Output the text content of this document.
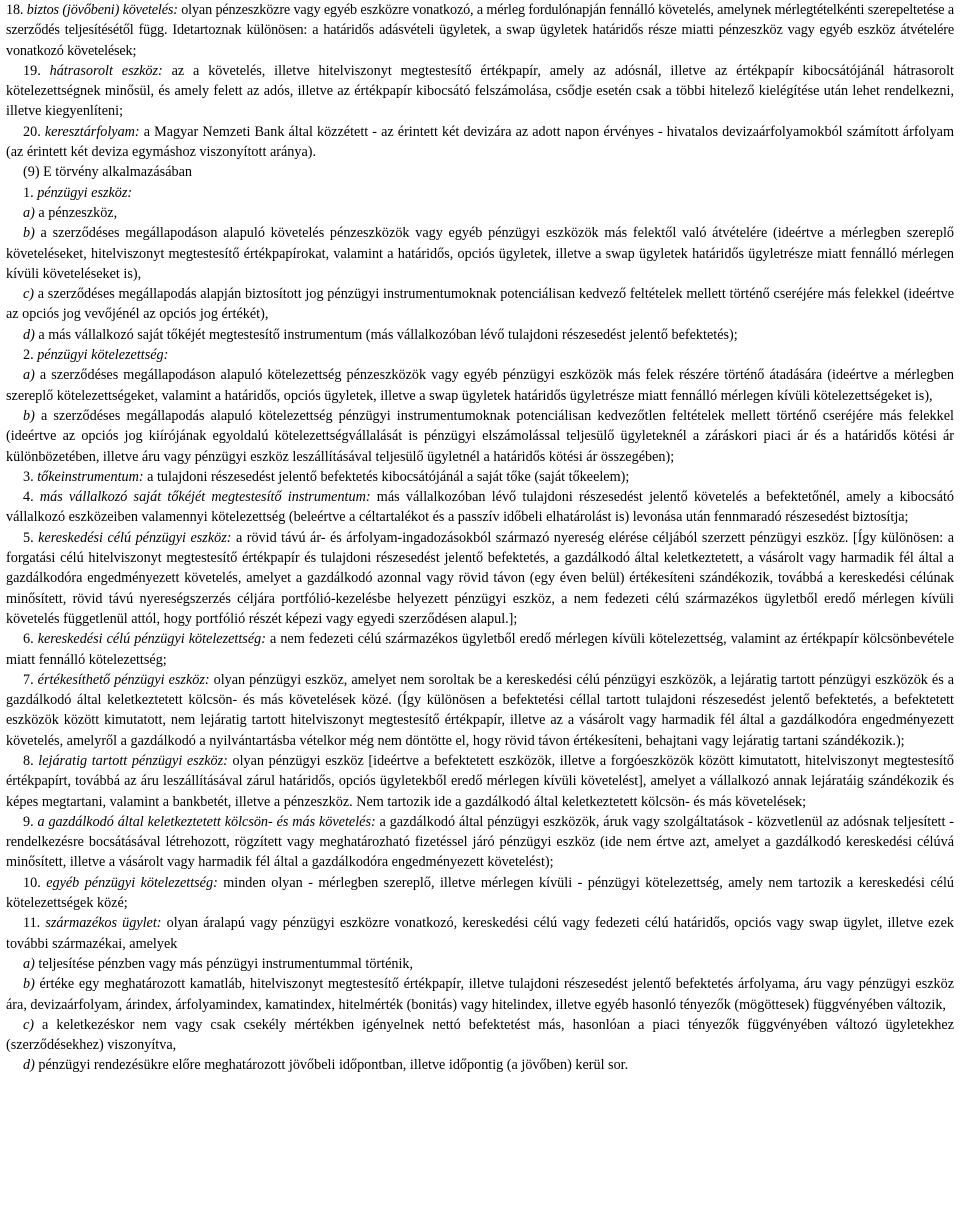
18. biztos (jövőbeni) követelés: olyan pénzeszközre vagy egyéb eszközre vonatkozó, a mérleg fordulónapján fennálló követelés, amelynek mérlegtételkénti szerepeltetése a szerződés teljesítésétől függ. Idetartoznak különösen: a határidős adásvételi ügyletek, a swap ügyletek határidős része miatti pénzeszköz vagy egyéb eszköz átvételére vonatkozó követelések;

19. hátrasorolt eszköz: az a követelés, illetve hitelviszonyt megtestesítő értékpapír, amely az adósnál, illetve az értékpapír kibocsátójánál hátrasorolt kötelezettségnek minősül, és amely felett az adós, illetve az értékpapír kibocsátó felszámolása, csődje esetén csak a többi hitelező kielégítése után lehet rendelkezni, illetve kiegyenlíteni;

20. keresztárfolyam: a Magyar Nemzeti Bank által közzétett - az érintett két devizára az adott napon érvényes - hivatalos devizaárfolyamokból számított árfolyam (az érintett két deviza egymáshoz viszonyított aránya).

(9) E törvény alkalmazásában

1. pénzügyi eszköz:

a) a pénzeszköz,

b) a szerződéses megállapodáson alapuló követelés pénzeszközök vagy egyéb pénzügyi eszközök más felektől való átvételére (ideértve a mérlegben szereplő követeléseket, hitelviszonyt megtestesítő értékpapírokat, valamint a határidős, opciós ügyletek, illetve a swap ügyletek határidős ügyletrésze miatt fennálló mérlegen kívüli követeléseket is),

c) a szerződéses megállapodás alapján biztosított jog pénzügyi instrumentumoknak potenciálisan kedvező feltételek mellett történő cseréjére más felekkel (ideértve az opciós jog vevőjénél az opciós jog értékét),

d) a más vállalkozó saját tőkéjét megtestesítő instrumentum (más vállalkozóban lévő tulajdoni részesedést jelentő befektetés);

2. pénzügyi kötelezettség:

a) a szerződéses megállapodáson alapuló kötelezettség pénzeszközök vagy egyéb pénzügyi eszközök más felek részére történő átadására (ideértve a mérlegben szereplő kötelezettségeket, valamint a határidős, opciós ügyletek, illetve a swap ügyletek határidős ügyletrésze miatt fennálló mérlegen kívüli kötelezettségeket is),

b) a szerződéses megállapodás alapuló kötelezettség pénzügyi instrumentumoknak potenciálisan kedvezőtlen feltételek mellett történő cseréjére más felekkel (ideértve az opciós jog kiírójának egyoldalú kötelezettségvállalását is pénzügyi elszámolással teljesülő ügyleteknél a záráskori piaci ár és a határidős kötési ár különbözetében, illetve áru vagy pénzügyi eszköz leszállításával teljesülő ügyletnél a határidős kötési ár összegében);

3. tőkeinstrumentum: a tulajdoni részesedést jelentő befektetés kibocsátójánál a saját tőke (saját tőkeelem);

4. más vállalkozó saját tőkéjét megtestesítő instrumentum: más vállalkozóban lévő tulajdoni részesedést jelentő követelés a befektetőnél, amely a kibocsátó vállalkozó eszközeiben valamennyi kötelezettség (beleértve a céltartalékot és a passzív időbeli elhatárolást is) levonása után fennmaradó részesedést biztosítja;

5. kereskedési célú pénzügyi eszköz: a rövid távú ár- és árfolyam-ingadozásokból származó nyereség elérése céljából szerzett pénzügyi eszköz. [Így különösen: a forgatási célú hitelviszonyt megtestesítő értékpapír és tulajdoni részesedést jelentő befektetés, a gazdálkodó által keletkeztetett, a vásárolt vagy harmadik fél által a gazdálkodóra engedményezett követelés, amelyet a gazdálkodó azonnal vagy rövid távon (egy éven belül) értékesíteni szándékozik, továbbá a kereskedési célúnak minősített, rövid távú nyereségszerzés céljára portfólió-kezelésbe helyezett pénzügyi eszköz, a nem fedezeti célú származékos ügyletből eredő mérlegen kívüli követelés függetlenül attól, hogy portfólió részét képezi vagy egyedi szerződésen alapul.];

6. kereskedési célú pénzügyi kötelezettség: a nem fedezeti célú származékos ügyletből eredő mérlegen kívüli kötelezettség, valamint az értékpapír kölcsönbevétele miatt fennálló kötelezettség;

7. értékesíthető pénzügyi eszköz: olyan pénzügyi eszköz, amelyet nem soroltak be a kereskedési célú pénzügyi eszközök, a lejáratig tartott pénzügyi eszközök és a gazdálkodó által keletkeztetett kölcsön- és más követelések közé. (Így különösen a befektetési céllal tartott tulajdoni részesedést jelentő befektetés, a befektetett eszközök között kimutatott, nem lejáratig tartott hitelviszonyt megtestesítő értékpapír, illetve az a vásárolt vagy harmadik fél által a gazdálkodóra engedményezett követelés, amelyről a gazdálkodó a nyilvántartásba vételkor még nem döntötte el, hogy rövid távon értékesíteni, behajtani vagy lejáratig tartani szándékozik.);

8. lejáratig tartott pénzügyi eszköz: olyan pénzügyi eszköz [ideértve a befektetett eszközök, illetve a forgóeszközök között kimutatott, hitelviszonyt megtestesítő értékpapírt, továbbá az áru leszállításával zárul határidős, opciós ügyletekből eredő mérlegen kívüli követelést], amelyet a vállalkozó annak lejáratáig szándékozik és képes megtartani, valamint a bankbetét, illetve a pénzeszköz. Nem tartozik ide a gazdálkodó által keletkeztetett kölcsön- és más követelések;

9. a gazdálkodó által keletkeztetett kölcsön- és más követelés: a gazdálkodó által pénzügyi eszközök, áruk vagy szolgáltatások - közvetlenül az adósnak teljesített - rendelkezésre bocsátásával létrehozott, rögzített vagy meghatározható fizetéssel járó pénzügyi eszköz (ide nem értve azt, amelyet a gazdálkodó kereskedési célúvá minősített, illetve a vásárolt vagy harmadik fél által a gazdálkodóra engedményezett követelést);

10. egyéb pénzügyi kötelezettség: minden olyan - mérlegben szereplő, illetve mérlegen kívüli - pénzügyi kötelezettség, amely nem tartozik a kereskedési célú kötelezettségek közé;

11. származékos ügylet: olyan áralapú vagy pénzügyi eszközre vonatkozó, kereskedési célú vagy fedezeti célú határidős, opciós vagy swap ügylet, illetve ezek további származékai, amelyek

a) teljesítése pénzben vagy más pénzügyi instrumentummal történik,

b) értéke egy meghatározott kamatláb, hitelviszonyt megtestesítő értékpapír, illetve tulajdoni részesedést jelentő befektetés árfolyama, áru vagy pénzügyi eszköz ára, devizaárfolyam, árindex, árfolyamindex, kamatindex, hitelmérték (bonitás) vagy hitelindex, illetve egyéb hasonló tényezők (mögöttesek) függvényében változik,

c) a keletkezéskor nem vagy csak csekély mértékben igényelnek nettó befektetést más, hasonlóan a piaci tényezők függvényében változó ügyletekhez (szerződésekhez) viszonyítva,

d) pénzügyi rendezésükre előre meghatározott jövőbeli időpontban, illetve időpontig (a jövőben) kerül sor.
